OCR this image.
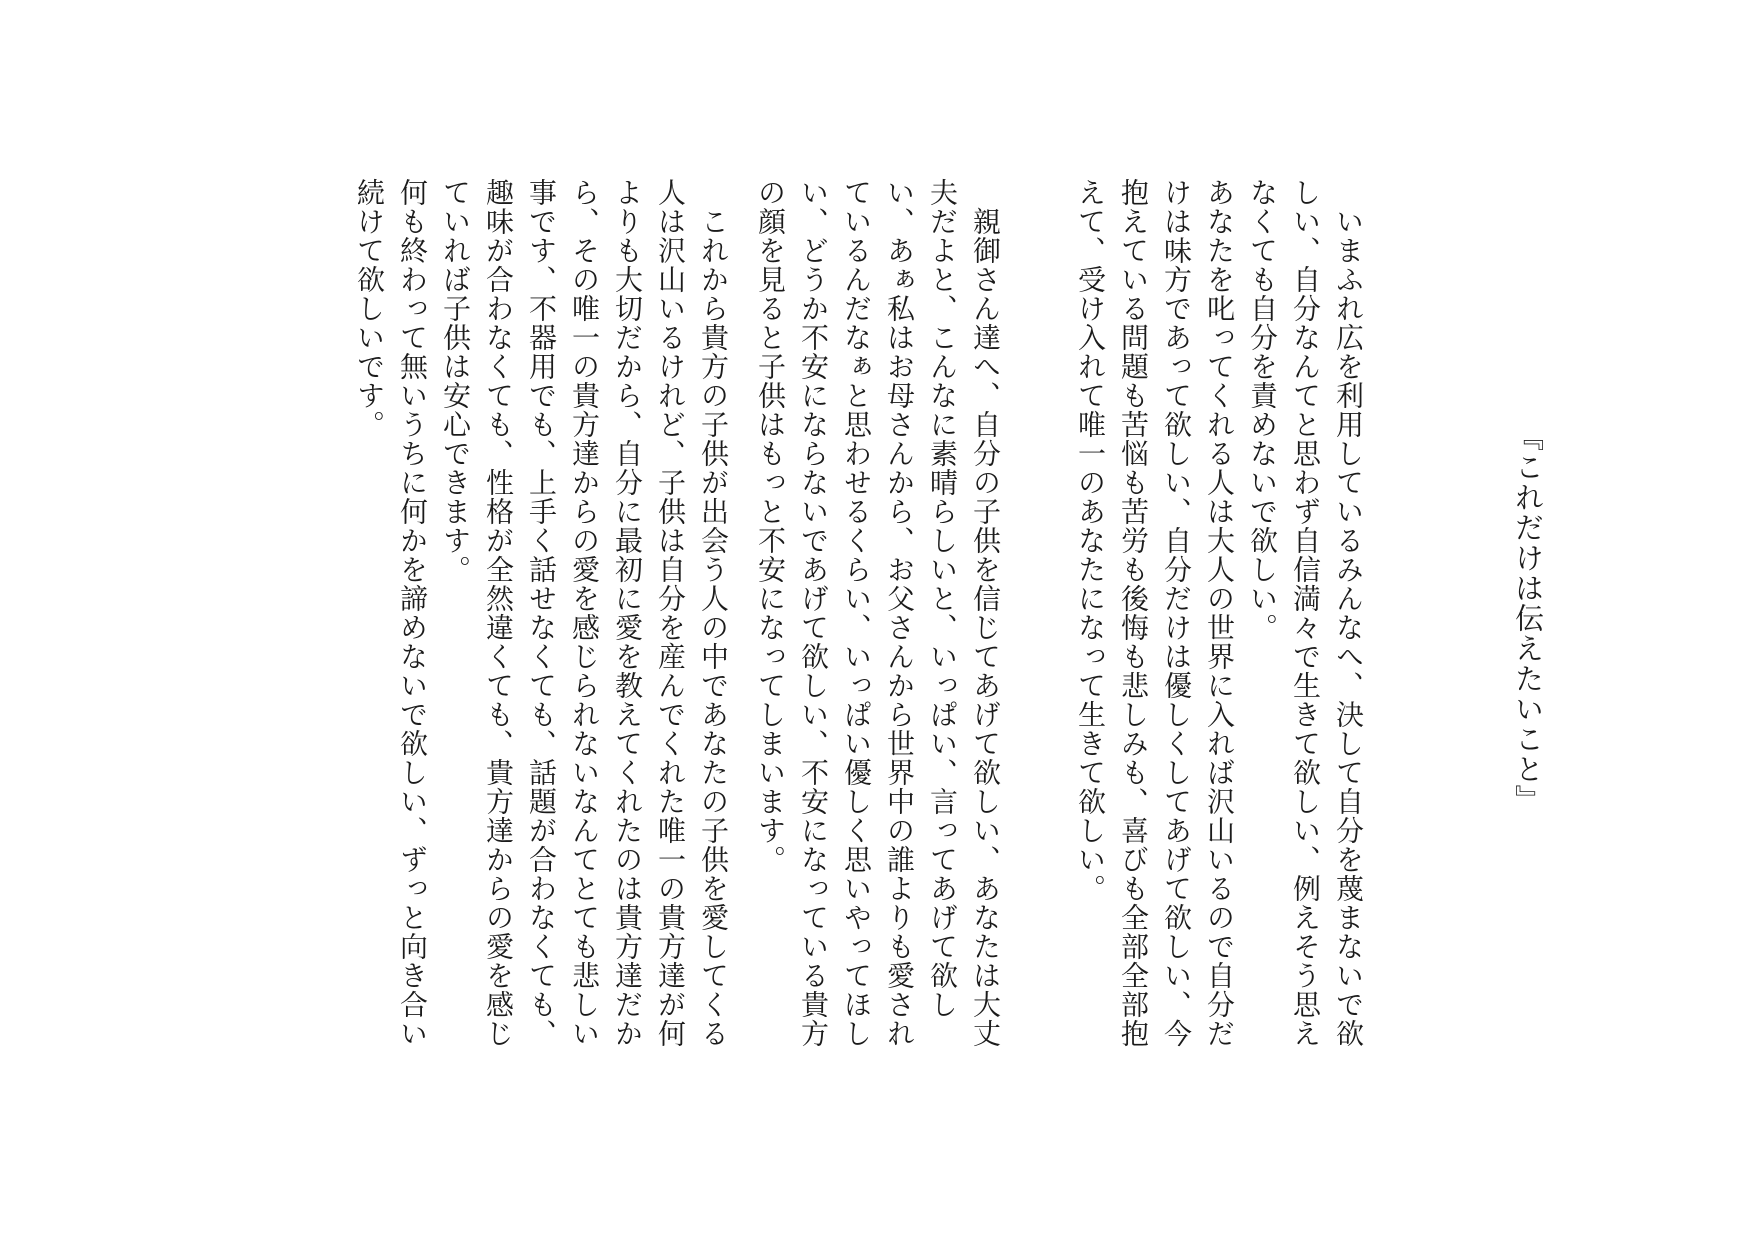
『これだけは伝えたいこと』

　いまふれ広を利用しているみんなへ、決して自分を蔑まないで欲しい、自分なんてと思わず自信満々で生きて欲しい、例えそう思えなくても自分を責めないで欲しい。

あなたを叱ってくれる人は大人の世界に入れば沢山いるので自分だけは味方であって欲しい、自分だけは優しくしてあげて欲しい、今抱えている問題も苦悩も苦労も後悔も悲しみも、喜びも全部全部抱えて、受け入れて唯一のあなたになって生きて欲しい。

　親御さん達へ、自分の子供を信じてあげて欲しい、あなたは大丈夫だよと、こんなに素晴らしいと、いっぱい、言ってあげて欲しい、あぁ私はお母さんから、お父さんから世界中の誰よりも愛されているんだなぁと思わせるくらい、いっぱい優しく思いやってほしい、どうか不安にならないであげて欲しい、不安になっている貴方の顔を見ると子供はもっと不安になってしまいます。

　これから貴方の子供が出会う人の中であなたの子供を愛してくる人は沢山いるけれど、子供は自分を産んでくれた唯一の貴方達が何よりも大切だから、自分に最初に愛を教えてくれたのは貴方達だから、その唯一の貴方達からの愛を感じられないなんてとても悲しい事です、不器用でも、上手く話せなくても、話題が合わなくても、趣味が合わなくても、性格が全然違くても、貴方達からの愛を感じていれば子供は安心できます。

何も終わって無いうちに何かを諦めないで欲しい、ずっと向き合い続けて欲しいです。
